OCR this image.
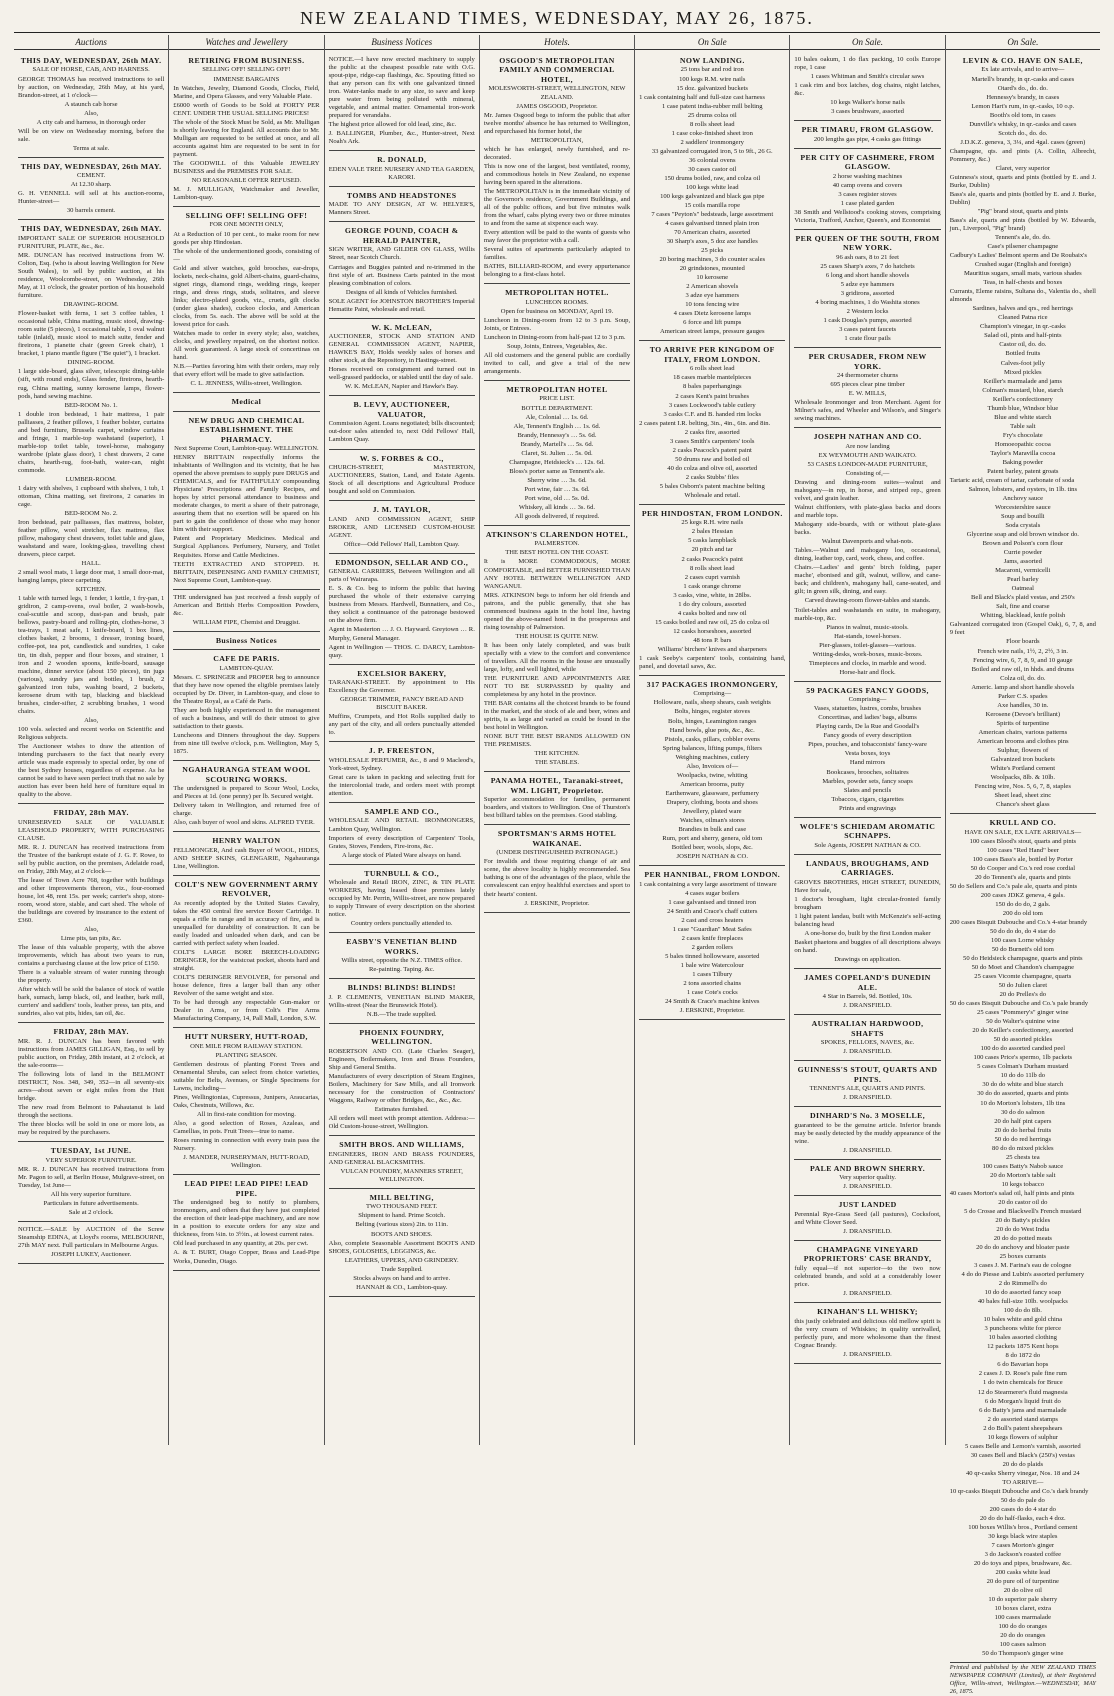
NEW ZEALAND TIMES, WEDNESDAY, MAY 26, 1875.
Auctions
THIS DAY, WEDNESDAY, 26th MAY.

SALE OF HORSE, CAB, AND HARNESS.

GEORGE THOMAS has received instructions to sell by auction, on Wednesday, 26th May, at his yard, Brandon-street, at 1 o'clock—

A staunch cab horse

Also,

A city cab and harness, in thorough order

Will be on view on Wednesday morning, before the sale.

Terms at sale.

THIS DAY, WEDNESDAY, 26th MAY.

CEMENT.

At 12.30 sharp.

G. H. VENNELL will sell at his auction-rooms, Hunter-street—

30 barrels cement.

THIS DAY, WEDNESDAY, 26th MAY.

IMPORTANT SALE OF SUPERIOR HOUSEHOLD FURNITURE, PLATE, &c., &c.

MR. DUNCAN has received instructions from W. Colton, Esq. (who is about leaving Wellington for New South Wales), to sell by public auction, at his residence, Woolcombe-street, on Wednesday, 26th May, at 11 o'clock, the greater portion of his household furniture.

DRAWING-ROOM.

Flower-basket with ferns, 1 set 3 coffee tables, 1 occasional table, China matting, music stool, drawing-room suite (5 pieces), 1 occasional table, 1 oval walnut table (inlaid), music stool to match suite, fender and fireirons, 1 pianette chair (green Greek chair), 1 bracket, 1 piano mantle figure ("Be quiet"), 1 bracket.

DINING-ROOM.

1 large side-board, glass silver, telescopic dining-table (sift, with round ends), Glass fender, fireirons, hearth-rug, China matting, sunny kerosene lamps, flower-pods, hand sewing machine.

BED-ROOM No. 1.

1 double iron bedstead, 1 hair mattress, 1 pair palliasses, 2 feather pillows, 1 feather bolster, curtains and bed furniture, Brussels carpet, window curtains and fringe, 1 marble-top washstand (superior), 1 marble-top toilet table, towel-horse, mahogany wardrobe (plate glass door), 1 chest drawers, 2 cane chairs, hearth-rug, foot-bath, water-can, night commode.

LUMBER-ROOM.

1 dairy with shelves, 1 cupboard with shelves, 1 tub, 1 ottoman, China matting, set fireirons, 2 canaries in cage.

BED-ROOM No. 2.

Iron bedstead, pair palliasses, flax mattress, bolster, feather pillow, wool stretcher, flax mattress, flax pillow, mahogany chest drawers, toilet table and glass, washstand and ware, looking-glass, travelling chest drawers, piece carpet.

HALL.

2 small wool mats, 1 large door mat, 1 small door-mat, hanging lamps, piece carpeting.

KITCHEN.

1 table with turned legs, 1 fender, 1 kettle, 1 fry-pan, 1 gridiron, 2 camp-ovens, oval boiler, 2 wash-bowls, coal-scuttle and scoop, dust-pan and brush, pair bellows, pastry-board and rolling-pin, clothes-horse, 3 tea-trays, 1 meat safe, 1 knife-board, 1 box lines, clothes basket, 2 brooms, 1 dresser, ironing board, coffee-pot, tea pot, candlestick and sundries, 1 cake tin, tin dish, pepper and flour boxes, and strainer, 1 iron and 2 wooden spoons, knife-board, sausage machine, dinner service (about 150 pieces), tin jugs (various), sundry jars and bottles, 1 brush, 2 galvanized iron tubs, washing board, 2 buckets, kerosene drum with tap, blacking and blacklead brushes, cinder-sifter, 2 scrubbing brushes, 1 wood chairs.

Also,

100 vols. selected and recent works on Scientific and Religious subjects.

The Auctioneer wishes to draw the attention of intending purchasers to the fact that nearly every article was made expressly to special order, by one of the best Sydney houses, regardless of expense. As he cannot be said to have seen perfect truth that no sale by auction has ever been held here of furniture equal in quality to the above.

FRIDAY, 28th MAY.

UNRESERVED SALE OF VALUABLE LEASEHOLD PROPERTY, WITH PURCHASING CLAUSE.

MR. R. J. DUNCAN has received instructions from the Trustee of the bankrupt estate of J. G. F. Rowe, to sell by public auction, on the premises, Adelaide road, on Friday, 28th May, at 2 o'clock—

The lease of Town Acre 768, together with buildings and other improvements thereon, viz., four-roomed house, lot 48, rent 15s. per week; carrier's shop, store-room, wood store, stable, and cart shed. The whole of the buildings are covered by insurance to the extent of £360.

Also,

Lime pits, tan pits, &c.

The lease of this valuable property, with the above improvements, which has about two years to run, contains a purchasing clause at the low price of £150.

There is a valuable stream of water running through the property.

After which will be sold the balance of stock of wattle bark, sumach, lamp black, oil, and leather, bark mill, curriers' and saddlers' tools, leather press, tan pits, and sundries, also vat pits, hides, tan oil, &c.

FRIDAY, 28th MAY.

MR. R. J. DUNCAN has been favored with instructions from JAMES GILLIGAN, Esq., to sell by public auction, on Friday, 28th instant, at 2 o'clock, at the sale-rooms—

The following lots of land in the BELMONT DISTRICT, Nos. 348, 349, 352—in all seventy-six acres—about seven or eight miles from the Hutt bridge.

The new road from Belmont to Pahautanui is laid through the sections.

The three blocks will be sold in one or more lots, as may be required by the purchasers.

TUESDAY, 1st JUNE.

VERY SUPERIOR FURNITURE.

MR. R. J. DUNCAN has received instructions from Mr. Pagon to sell, at Berlin House, Mulgrave-street, on Tuesday, 1st June—

All his very superior furniture.

Particulars in future advertisements.

Sale at 2 o'clock.

NOTICE.—SALE by AUCTION of the Screw Steamship EDINA, at Lloyd's rooms, MELBOURNE, 27th MAY next. Full particulars in Melbourne Argus.

JOSEPH LUKEY, Auctioneer.

Watches and Jewellery
RETIRING FROM BUSINESS.

SELLING OFF! SELLING OFF!

IMMENSE BARGAINS

In Watches, Jewelry, Diamond Goods, Clocks, Field, Marine, and Opera Glasses, and very Valuable Plate.

£6000 worth of Goods to be Sold at FORTY PER CENT. UNDER THE USUAL SELLING PRICES!

The whole of the Stock Must be Sold, as Mr. Mulligan is shortly leaving for England. All accounts due to Mr. Mulligan are requested to be settled at once, and all accounts against him are requested to be sent in for payment.

The GOODWILL of this Valuable JEWELRY BUSINESS and the PREMISES FOR SALE.

NO REASONABLE OFFER REFUSED.

M. J. MULLIGAN, Watchmaker and Jeweller, Lambton-quay.

SELLING OFF! SELLING OFF!

FOR ONE MONTH ONLY,

At a Reduction of 10 per cent., to make room for new goods per ship Hindostan.

The whole of the undermentioned goods, consisting of—

Gold and silver watches, gold brooches, ear-drops, lockets, neck-chains, gold Albert-chains, guard-chains, signet rings, diamond rings, wedding rings, keeper rings, and dress rings, studs, solitaires, and sleeve links; electro-plated goods, viz., cruets, gilt clocks (under glass shades), cuckoo clocks, and American clocks, from 5s. each. The above will be sold at the lowest price for cash.

Watches made to order in every style; also, watches, clocks, and jewellery repaired, on the shortest notice. All work guaranteed. A large stock of concertinas on hand.

N.B.—Parties favoring him with their orders, may rely that every effort will be made to give satisfaction.

C. L. JENNESS, Willis-street, Wellington.

Medical
NEW DRUG AND CHEMICAL ESTABLISHMENT. THE PHARMACY.

Next Supreme Court, Lambton-quay. WELLINGTON.

HENRY BRITTAIN respectfully informs the inhabitants of Wellington and its vicinity, that he has opened the above premises to supply pure DRUGS and CHEMICALS, and for FAITHFULLY compounding Physicians' Prescriptions and Family Recipes, and hopes by strict personal attendance to business and moderate charges, to merit a share of their patronage, assuring them that no exertion will be spared on his part to gain the confidence of those who may honor him with their support.

Patent and Proprietary Medicines. Medical and Surgical Appliances. Perfumery, Nursery, and Toilet Requisites. Horse and Cattle Medicines.

TEETH EXTRACTED AND STOPPED. H. BRITTAIN, DISPENSING AND FAMILY CHEMIST, Next Supreme Court, Lambton-quay.

THE undersigned has just received a fresh supply of American and British Herbs Composition Powders, &c.

WILLIAM FIPE, Chemist and Druggist.

Business Notices
CAFE DE PARIS.

LAMBTON-QUAY.

Messrs. C. SPRINGER and PROPER beg to announce that they have now opened the eligible premises lately occupied by Dr. Diver, in Lambton-quay, and close to the Theatre Royal, as a Café de Paris.

They are both highly experienced in the management of such a business, and will do their utmost to give satisfaction to their guests.

Luncheons and Dinners throughout the day. Suppers from nine till twelve o'clock, p.m. Wellington, May 5, 1875.

NGAHAURANGA STEAM WOOL SCOURING WORKS.

The undersigned is prepared to Scour Wool, Locks, and Pieces at 1d. (one penny) per lb. Secured weight.

Delivery taken in Wellington, and returned free of charge.

Also, cash buyer of wool and skins. ALFRED TYER.

HENRY WALTON

FELLMONGER, And cash Buyer of WOOL, HIDES, AND SHEEP SKINS, GLENGARIE, Ngahauranga Line, Wellington.

COLT'S NEW GOVERNMENT ARMY REVOLVER,

As recently adopted by the United States Cavalry, takes the 450 central fire service Boxer Cartridge. It equals a rifle in range and in accuracy of fire, and is unequalled for durability of construction. It can be easily loaded and unloaded when dark, and can be carried with perfect safety when loaded.

COLT'S LARGE BORE BREECH-LOADING DERINGER, for the waistcoat pocket, shoots hard and straight.

COLT'S DERINGER REVOLVER, for personal and house defence, fires a larger ball than any other Revolver of the same weight and size.

To be had through any respectable Gun-maker or Dealer in Arms, or from Colt's Fire Arms Manufacturing Company, 14, Pall Mall, London, S.W.

HUTT NURSERY, HUTT-ROAD,

ONE MILE FROM RAILWAY STATION.

PLANTING SEASON.

Gentlemen desirous of planting Forest Trees and Ornamental Shrubs, can select from choice varieties, suitable for Belts, Avenues, or Single Specimens for Lawns, including—

Pines, Wellingtonias, Cupressus, Junipers, Araucarias, Oaks, Chestnuts, Willows, &c.

All in first-rate condition for moving.

Also, a good selection of Roses, Azaleas, and Camellias, in pots. Fruit Trees—true to name.

Roses running in connection with every train pass the Nursery.

J. MANDER, NURSERYMAN, HUTT-ROAD, Wellington.

LEAD PIPE! LEAD PIPE! LEAD PIPE.

The undersigned beg to notify to plumbers, ironmongers, and others that they have just completed the erection of their lead-pipe machinery, and are now in a position to execute orders for any size and thickness, from ¼in. to 3½in., at lowest current rates.

Old lead purchased in any quantity, at 20s. per cwt.

A. & T. BURT, Otago Copper, Brass and Lead-Pipe Works, Dunedin, Otago.

Business Notices

NOTICE.—I have now erected machinery to supply the public at the cheapest possible rate with O.G. spout-pipe, ridge-cap flashings, &c. Spouting fitted so that any person can fix with one galvanized tinned iron. Water-tanks made to any size, to save and keep pure water from being polluted with mineral, vegetable, and animal matter. Ornamental iron-work prepared for verandahs.

The highest price allowed for old lead, zinc, &c.

J. BALLINGER, Plumber, &c., Hunter-street, Next Noah's Ark.

R. DONALD,

EDEN VALE TREE NURSERY AND TEA GARDEN, KARORI.

TOMBS AND HEADSTONES

MADE TO ANY DESIGN, AT W. HELYER'S, Manners Street.

GEORGE POUND, COACH & HERALD PAINTER,

SIGN WRITER, AND GILDER ON GLASS, Willis Street, near Scotch Church.

Carriages and Buggies painted and re-trimmed in the first style of art. Business Carts painted in the most pleasing combination of colors.

Designs of all kinds of Vehicles furnished.

SOLE AGENT for JOHNSTON BROTHER'S Imperial Hematite Paint, wholesale and retail.

W. K. McLEAN,

AUCTIONEER, STOCK AND STATION AND GENERAL COMMISSION AGENT, NAPIER, HAWKE'S BAY, Holds weekly sales of horses and other stock, at the Repository, in Hastings-street.

Horses received on consignment and turned out in well-grassed paddocks, or stabled until the day of sale.

W. K. McLEAN, Napier and Hawke's Bay.

B. LEVY, AUCTIONEER, VALUATOR,

Commission Agent. Loans negotiated; bills discounted; out-door sales attended to, next Odd Fellows' Hall, Lambton Quay.

W. S. FORBES & CO.,

CHURCH-STREET, MASTERTON, AUCTIONEERS, Station, Land, and Estate Agents. Stock of all descriptions and Agricultural Produce bought and sold on Commission.

J. M. TAYLOR,

LAND AND COMMISSION AGENT, SHIP BROKER, AND LICENSED CUSTOM-HOUSE AGENT.

Office—Odd Fellows' Hall, Lambton Quay.

EDMONDSON, SELLAR AND CO.,

GENERAL CARRIERS, Between Wellington and all parts of Wairarapa.

E. S. & Co. beg to inform the public that having purchased the whole of their extensive carrying business from Messrs. Hardwell, Bunnatiers, and Co., they solicit a continuance of the patronage bestowed on the above firm.

Agent in Masterton … J. O. Hayward. Greytown … R. Murphy, General Manager.

Agent in Wellington — THOS. C. DARCY, Lambton-quay.

EXCELSIOR BAKERY,

TARANAKI-STREET. By appointment to His Excellency the Governor.

GEORGE TRIMMER, FANCY BREAD AND BISCUIT BAKER.

Muffins, Crumpets, and Hot Rolls supplied daily to any part of the city, and all orders punctually attended to.

J. P. FREESTON,

WHOLESALE PERFUMER, &c., 8 and 9 Macleod's, York-street, Sydney.

Great care is taken in packing and selecting fruit for the intercolonial trade, and orders meet with prompt attention.

SAMPLE AND CO.,

WHOLESALE AND RETAIL IRONMONGERS, Lambton Quay, Wellington.

Importers of every description of Carpenters' Tools, Grates, Stoves, Fenders, Fire-irons, &c.

A large stock of Plated Ware always on hand.

TURNBULL & CO.,

Wholesale and Retail IRON, ZINC, & TIN PLATE WORKERS, having leased those premises lately occupied by Mr. Perrin, Willis-street, are now prepared to supply Tinware of every description on the shortest notice.

Country orders punctually attended to.

EASBY'S VENETIAN BLIND WORKS.

Willis street, opposite the N.Z. TIMES office.

Re-painting. Taping. &c.

BLINDS! BLINDS! BLINDS!

J. P. CLEMENTS, VENETIAN BLIND MAKER, Willis-street (Near the Brunswick Hotel).

N.B.—The trade supplied.

PHOENIX FOUNDRY, WELLINGTON.

ROBERTSON AND CO. (Late Charles Seager), Engineers, Boilermakers, Iron and Brass Founders, Ship and General Smiths.

Manufacturers of every description of Steam Engines, Boilers, Machinery for Saw Mills, and all Ironwork necessary for the construction of Contractors' Waggons, Railway or other Bridges, &c., &c., &c.

Estimates furnished.

All orders will meet with prompt attention. Address:—Old Custom-house-street, Wellington.

SMITH BROS. AND WILLIAMS,

ENGINEERS, IRON AND BRASS FOUNDERS, AND GENERAL BLACKSMITHS.

VULCAN FOUNDRY, MANNERS STREET, WELLINGTON.

MILL BELTING,

TWO THOUSAND FEET.

Shipment to hand. Prime Scotch.

Belting (various sizes) 2in. to 11in.

BOOTS AND SHOES.

Also, complete Seasonable Assortment BOOTS AND SHOES, GOLOSHES, LEGGINGS, &c.

LEATHERS, UPPERS, AND GRINDERY.

Trade Supplied.

Stocks always on hand and to arrive.

HANNAH & CO., Lambton-quay.

Hotels.
OSGOOD'S METROPOLITAN FAMILY AND COMMERCIAL HOTEL,

MOLESWORTH-STREET, WELLINGTON, NEW ZEALAND.

JAMES OSGOOD, Proprietor.

Mr. James Osgood begs to inform the public that after twelve months' absence he has returned to Wellington, and repurchased his former hotel, the

METROPOLITAN,

which he has enlarged, newly furnished, and re-decorated.

This is now one of the largest, best ventilated, roomy, and commodious hotels in New Zealand, no expense having been spared in the alterations.

The METROPOLITAN is in the immediate vicinity of the Governor's residence, Government Buildings, and all of the public offices, and but five minutes walk from the wharf, cabs plying every two or three minutes to and from the same at sixpence each way.

Every attention will be paid to the wants of guests who may favor the proprietor with a call.

Several suites of apartments particularly adapted to families.

BATHS, BILLIARD-ROOM, and every appurtenance belonging to a first-class hotel.

METROPOLITAN HOTEL.

LUNCHEON ROOMS.

Open for business on MONDAY, April 19.

Luncheon in Dining-room from 12 to 3 p.m. Soup, Joints, or Entrees.

Luncheon in Dining-room from half-past 12 to 3 p.m.

Soup, Joints, Entrees, Vegetables, &c.

All old customers and the general public are cordially invited to call, and give a trial of the new arrangements.

METROPOLITAN HOTEL

PRICE LIST.

BOTTLE DEPARTMENT.

Ale, Colonial … 1s. 6d.

Ale, Tennent's English … 1s. 6d.

Brandy, Hennessy's … 5s. 6d.

Brandy, Martell's … 5s. 6d.

Claret, St. Julien … 5s. 0d.

Champagne, Heidsieck's … 12s. 6d.

Bloss's porter same as Tennent's ale.

Sherry wine … 3s. 6d.

Port wine, fair … 3s. 6d.

Port wine, old … 5s. 0d.

Whiskey, all kinds … 3s. 6d.

All goods delivered, if required.

ATKINSON'S CLARENDON HOTEL,

PALMERSTON.

THE BEST HOTEL ON THE COAST.

It is MORE COMMODIOUS, MORE COMFORTABLE, and BETTER FURNISHED THAN ANY HOTEL BETWEEN WELLINGTON AND WANGANUI.

MRS. ATKINSON begs to inform her old friends and patrons, and the public generally, that she has commenced business again in the hotel line, having opened the above-named hotel in the prosperous and rising township of Palmerston.

THE HOUSE IS QUITE NEW.

It has been only lately completed, and was built specially with a view to the comfort and convenience of travellers. All the rooms in the house are unusually large, lofty, and well lighted, while

THE FURNITURE AND APPOINTMENTS ARE NOT TO BE SURPASSED by quality and completeness by any hotel in the province.

THE BAR contains all the choicest brands to be found in the market, and the stock of ale and beer, wines and spirits, is as large and varied as could be found in the best hotel in Wellington.

NONE BUT THE BEST BRANDS ALLOWED ON THE PREMISES.

THE KITCHEN.

THE STABLES.

PANAMA HOTEL, Taranaki-street, WM. LIGHT, Proprietor.

Superior accommodation for families, permanent boarders, and visitors to Wellington. One of Thurston's best billiard tables on the premises. Good stabling.

SPORTSMAN'S ARMS HOTEL WAIKANAE.

(UNDER DISTINGUISHED PATRONAGE.)

For invalids and those requiring change of air and scene, the above locality is highly recommended. Sea bathing is one of the advantages of the place, while the convalescent can enjoy healthful exercises and sport to their hearts' content.

J. ERSKINE, Proprietor.

On Sale
NOW LANDING.

25 tons bar and rod iron

100 kegs R.M. wire nails

15 doz. galvanized buckets

1 cask containing half and full-size cast harness

1 case patent india-rubber mill belting

25 drums colza oil

8 rolls sheet lead

1 case coke-finished sheet iron

2 saddlers' ironmongery

33 galvanized corrugated iron, 5 to 9ft., 26 G.

36 colonial ovens

30 cases castor oil

150 drums boiled, raw, and colza oil

100 kegs white lead

100 kegs galvanized and black gas pipe

15 coils manilla rope

7 cases "Peyton's" bedsteads, large assortment

4 cases galvanised tinned plain iron

70 American chairs, assorted

30 Sharp's axes, 5 doz axe handles

25 picks

20 boring machines, 3 do counter scales

20 grindstones, mounted

10 kerosene

2 American shovels

3 adze eye hammers

10 tons fencing wire

4 cases Dietz kerosene lamps

6 force and lift pumps

American street lamps, pressure gauges

TO ARRIVE PER KINGDOM OF ITALY, FROM LONDON.

6 rolls sheet lead

18 cases marble mantelpieces

8 bales paperhangings

2 cases Kent's paint brushes

3 cases Lockwood's table cutlery

3 casks C.F. and B. handed rim locks

2 cases patent I.R. belting, 3in., 4in., 6in. and 8in.

2 casks fire, assorted

3 cases Smith's carpenters' tools

2 casks Peacock's patent paint

50 drums raw and boiled oil

40 do colza and olive oil, assorted

2 casks Stubbs' files

5 bales Osborn's patent machine belting

Wholesale and retail.

PER HINDOSTAN, FROM LONDON.

25 kegs R.H. wire nails

2 bales Hessian

5 casks lampblack

20 pitch and tar

2 casks Peacock's paint

8 rolls sheet lead

2 cases cupri varnish

1 cask orange chrome

3 casks, vine, white, in 28lbs.

1 do dry colours, assorted

4 casks bolted and raw oil

15 casks boiled and raw oil, 25 do colza oil

12 casks horseshoes, assorted

48 tons P. bars

Williams' birchers' knives and sharpeners

1 cask Seeby's carpenters' tools, containing hand, panel, and dovetail saws, &c.

317 PACKAGES IRONMONGERY,

Comprising—

Holloware, nails, sheep shears, cash weights

Bolts, hinges, register stoves

Bolts, hinges, Leamington ranges

Hand bowls, glue pots, &c., &c.

Pistols, casks, pillars, cobbler ovens

Spring balances, lifting pumps, filters

Weighing machines, cutlery

Also, Invoices of—

Woolpacks, twine, whiting

American brooms, putty

Earthenware, glassware, perfumery

Drapery, clothing, boots and shoes

Jewellery, plated ware

Watches, oilman's stores

Brandies in bulk and case

Rum, port and sherry, genera, old tom

Bottled beer, wools, slops, &c.

JOSEPH NATHAN & CO.

PER HANNIBAL, FROM LONDON.

1 cask containing a very large assortment of tinware

4 cases sugar boilers

1 case galvanised and tinned iron

24 Smith and Crace's chaff cutters

2 cast and cross heaters

1 case "Guardian" Meat Safes

2 cases knife fireplaces

2 garden rollers

5 bales tinned hollowware, assorted

1 bale wire Watercolour

1 cases Tilbury

2 tons assorted chains

1 case Cote's cocks

24 Smith & Crace's machine knives

J. ERSKINE, Proprietor.

On Sale.

10 bales oakum, 1 do flax packing, 10 coils Europe rope, 1 case

1 cases Whitman and Smith's circular saws

1 cask rim and box latches, dog chains, night latches, &c.

10 kegs Walker's horse nails

3 cases brushware, assorted

PER TIMARU, FROM GLASGOW.

200 lengths gas pipe, 4 casks gas fittings

PER CITY OF CASHMERE, FROM GLASGOW.

2 horse washing machines

40 camp ovens and covers

3 cases register stoves

1 case plated garden

38 Smith and Wellstood's cooking stoves, comprising Victoria, Trafford, Anchor, Queen's, and Economist

PER QUEEN OF THE SOUTH, FROM NEW YORK.

96 ash oars, 8 to 21 feet

25 cases Sharp's axes, 7 do hatchets

6 long and short handle shovels

5 adze eye hammers

3 gridirons, assorted

4 boring machines, 1 do Washita stones

2 Western locks

1 cask Douglas's pumps, assorted

3 cases patent faucets

1 crate flour pails

PER CRUSADER, FROM NEW YORK.

24 thermometer churns

695 pieces clear pine timber

E. W. MILLS,

Wholesale Ironmonger and Iron Merchant. Agent for Milner's safes, and Wheeler and Wilson's, and Singer's sewing machines.

JOSEPH NATHAN AND CO.

Are now landing

EX WEYMOUTH AND WAIKATO.

53 CASES LONDON-MADE FURNITURE,

Consisting of,—

Drawing and dining-room suites—walnut and mahogany—in rep, in horse, and striped rep., green velvet, and grain leather.

Walnut chiffoniers, with plate-glass backs and doors and marble tops.

Mahogany side-boards, with or without plate-glass backs.

Walnut Davenports and what-nots.

Tables.—Walnut and mahogany loo, occasional, dining, leather top, card, work, chess, and coffee.

Chairs.—Ladies' and gents' birch folding, paper mache', ebonised and gilt, walnut, willow, and cane-back; and children's, mahogany hall, cane-seated, and gilt; in green silk, dining, and easy.

Carved drawing-room flower-tables and stands.

Toilet-tables and washstands en suite, in mahogany, marble-top, &c.

Pianos in walnut, music-stools.

Hat-stands, towel-horses.

Pier-glasses, toilet-glasses—various.

Writing-desks, work-boxes, music-boxes.

Timepieces and clocks, in marble and wood.

Horse-hair and flock.

59 PACKAGES FANCY GOODS,

Comprising—

Vases, statuettes, lustres, combs, brushes

Concertinas, and ladies' bags, albums

Playing cards, De la Rue and Goodall's

Fancy goods of every description

Pipes, pouches, and tobacconists' fancy-ware

Vesta boxes, toys

Hand mirrors

Bookcases, brooches, solitaires

Marbles, powder sets, fancy soaps

Slates and pencils

Tobaccos, cigars, cigarettes

Prints and engravings

WOLFE'S SCHIEDAM AROMATIC SCHNAPPS.

Sole Agents, JOSEPH NATHAN & CO.

LANDAUS, BROUGHAMS, AND CARRIAGES.

GROVES BROTHERS, HIGH STREET, DUNEDIN, Have for sale,

1 doctor's brougham, light circular-fronted family brougham

1 light patent landau, built with McKenzie's self-acting balancing head

A one-horse do, built by the first London maker

Basket phaetons and buggies of all descriptions always on hand.

Drawings on application.

JAMES COPELAND'S DUNEDIN ALE.

4 Star in Barrels, 9d. Bottled, 10s.

J. DRANSFIELD.

AUSTRALIAN HARDWOOD, SHAFTS

SPOKES, FELLOES, NAVES, &c.

J. DRANSFIELD.

GUINNESS'S STOUT, QUARTS AND PINTS.

TENNENT'S ALE, QUARTS AND PINTS.

J. DRANSFIELD.

DINHARD'S No. 3 MOSELLE,

guaranteed to be the genuine article. Inferior brands may be easily detected by the muddy appearance of the wine.

J. DRANSFIELD.

PALE AND BROWN SHERRY.

Very superior quality.

J. DRANSFIELD.

JUST LANDED

Perennial Rye-Grass Seed (all pastures), Cocksfoot, and White Clover Seed.

J. DRANSFIELD.

CHAMPAGNE VINEYARD PROPRIETORS' CASE BRANDY,

fully equal—if not superior—to the two now celebrated brands, and sold at a considerably lower price.

J. DRANSFIELD.

KINAHAN'S LL WHISKY;

this justly celebrated and delicious old mellow spirit is the very cream of Whiskies; in quality unrivalled, perfectly pure, and more wholesome than the finest Cognac Brandy.

J. DRANSFIELD.

On Sale.
LEVIN & CO. HAVE ON SALE,

Ex late arrivals, and to arrive—

Martell's brandy, in qr.-casks and cases

Otard's do., do. do.

Hennessy's brandy, in cases

Lemon Hart's rum, in qr.-casks, 10 o.p.

Booth's old tom, in cases

Dunville's whisky, in qr.-casks and cases

Scotch do., do. do.

J.D.K.Z. geneva, 3, 3¼, and 4gal. cases (green)

Champagne, qts. and pints (A. Collin, Albrecht, Pommery, &c.)

Claret, very superior

Guinness's stout, quarts and pints (bottled by E. and J. Burke, Dublin)

Bass's ale, quarts and pints (bottled by E. and J. Burke, Dublin)

"Pig" brand stout, quarts and pints

Bass's ale, quarts and pints (bottled by W. Edwards, jun., Liverpool, "Pig" brand)

Tennent's ale, do. do.

Case's pilsener champagne

Cadbury's Ladies' Belmont sperm and De Roubaix's

Crushed sugar (English and foreign)

Mauritius sugars, small mats, various shades

Teas, in half-chests and boxes

Currants, Eleme raisins, Sultana do., Valentia do., shell almonds

Sardines, halves and qrs., red herrings

Cleaned Patna rice

Champion's vinegar, in qr.-casks

Salad oil, pints and half-pints

Castor oil, do. do.

Bottled fruits

Calves-foot jelly

Mixed pickles

Keiller's marmalade and jams

Colman's mustard, blue, starch

Keiller's confectionery

Thumb blue, Windsor blue

Blue and white starch

Table salt

Fry's chocolate

Homoeopathic cocoa

Taylor's Maravilla cocoa

Baking powder

Patent barley, patent groats

Tartaric acid, cream of tartar, carbonate of soda

Salmon, lobsters, and oysters, in 1lb. tins

Anchovy sauce

Worcestershire sauce

Soup and bouilli

Soda crystals

Glycerine soap and old brown windsor do.

Brown and Polson's corn flour

Currie powder

Jams, assorted

Macaroni, vermicelli

Pearl barley

Oatmeal

Bell and Black's plaid vestas, and 250's

Salt, fine and coarse

Whiting, blacklead, knife polish

Galvanized corrugated iron (Gospel Oak), 6, 7, 8, and 9 feet

Floor boards

French wire nails, 1½, 2, 2½, 3 in.

Fencing wire, 6, 7, 8, 9, and 10 gauge

Boiled and raw oil, in hhds. and drums

Colza oil, do. do.

Americ. lamp and short handle shovels

Parker C.S. spades

Axe handles, 30 in.

Kerosene (Devoe's brilliant)

Spirits of turpentine

American chairs, various patterns

American brooms and clothes pins

Sulphur, flowers of

Galvanized iron buckets

White's Portland cement

Woolpacks, 8lb. & 10lb.

Fencing wire, Nos. 5, 6, 7, 8, staples

Sheet lead, sheet zinc

Chance's sheet glass

KRULL AND CO.

HAVE ON SALE, EX LATE ARRIVALS—

100 cases Blood's stout, quarts and pints

100 cases "Red Hand" beer

100 cases Bass's ale, bottled by Porter

50 do Cooper and Co.'s red rose cordial

20 do Tennent's ale, quarts and pints

50 do Sellers and Co.'s pale ale, quarts and pints

200 cases JDKZ geneva, 4 gals.

150 do do do, 2 gals.

200 do old tom

200 cases Bisquit Dubouche and Co.'s 4-star brandy

50 do do do, do 4 star do

100 cases Lorne whisky

50 do Burnett's old tom

50 do Heidsieck champagne, quarts and pints

50 do Moet and Chandon's champagne

25 cases Vicomte champagne, quarts

50 do Julien claret

20 do Prelles's do

50 do cases Bisquit Dubouche and Co.'s pale brandy

25 cases "Pommery's" ginger wine

50 do Walter's quinine wine

20 do Keiller's confectionery, assorted

50 do assorted pickles

100 do do assorted candied peel

100 cases Price's spermo, 1lb packets

5 cases Colman's Durham mustard

10 do do 11lb do

30 do do white and blue starch

30 do do assorted, quarts and pints

10 do Morton's lobsters, 1lb tins

30 do do salmon

20 do half pint capers

20 do do herbal fruits

50 do do red herrings

80 do do mixed pickles

25 chests tea

100 cases Batty's Nabob sauce

20 do Morton's table salt

10 kegs tobacco

40 cases Morton's salad oil, half pints and pints

20 do castor oil do

5 do Crosse and Blackwell's French mustard

20 do Batty's pickles

20 do do West India

20 do do potted meats

20 do do anchovy and bloater paste

25 boxes currants

3 cases J. M. Farina's eau de cologne

4 do do Piesse and Lubin's assorted perfumery

2 do Rimmell's do

10 do do assorted fancy soap

40 bales full-size 10lb. woolpacks

100 do do 8lb.

10 bales white and gold china

3 puncheons white for pierce

10 bales assorted clothing

12 packets 1875 Kent hops

8 do 1872 do

6 do Bavarian hops

2 cases J. D. Rose's pale fine rum

1 do twin chemicals for Bruce

12 do Stearmerer's fluid magnesia

6 do Morgan's liquid fruit do

6 do Batty's jams and marmalade

2 do assorted stand stamps

2 do Bull's patent sheepshears

10 kegs flowers of sulphur

5 cases Belle and Lemon's varnish, assorted

30 cases Bell and Black's (250's) vestas

20 do do plaids

40 qr-casks Sherry vinegar, Nos. 18 and 24

TO ARRIVE—

10 qr-casks Bisquit Dubouche and Co.'s dark brandy

50 do do pale do

200 cases do do 4 star do

20 do do half-flasks, each 4 doz.

100 boxes Willis's bros., Portland cement

30 kegs black wire staples

7 cases Morton's ginger

3 do Jackson's roasted coffee

20 do toys and pipes, brushware, &c.

200 casks white lead

20 do pure oil of turpentine

20 do olive oil

10 do superior pale sherry

10 boxes claret, extra

100 cases marmalade

100 do do oranges

20 do do oranges

100 cases salmon

50 do Thompson's ginger wine

Printed and published by the NEW ZEALAND TIMES NEWSPAPER COMPANY (Limited), at their Registered Office, Willis-street, Wellington.—WEDNESDAY, MAY 26, 1875.
